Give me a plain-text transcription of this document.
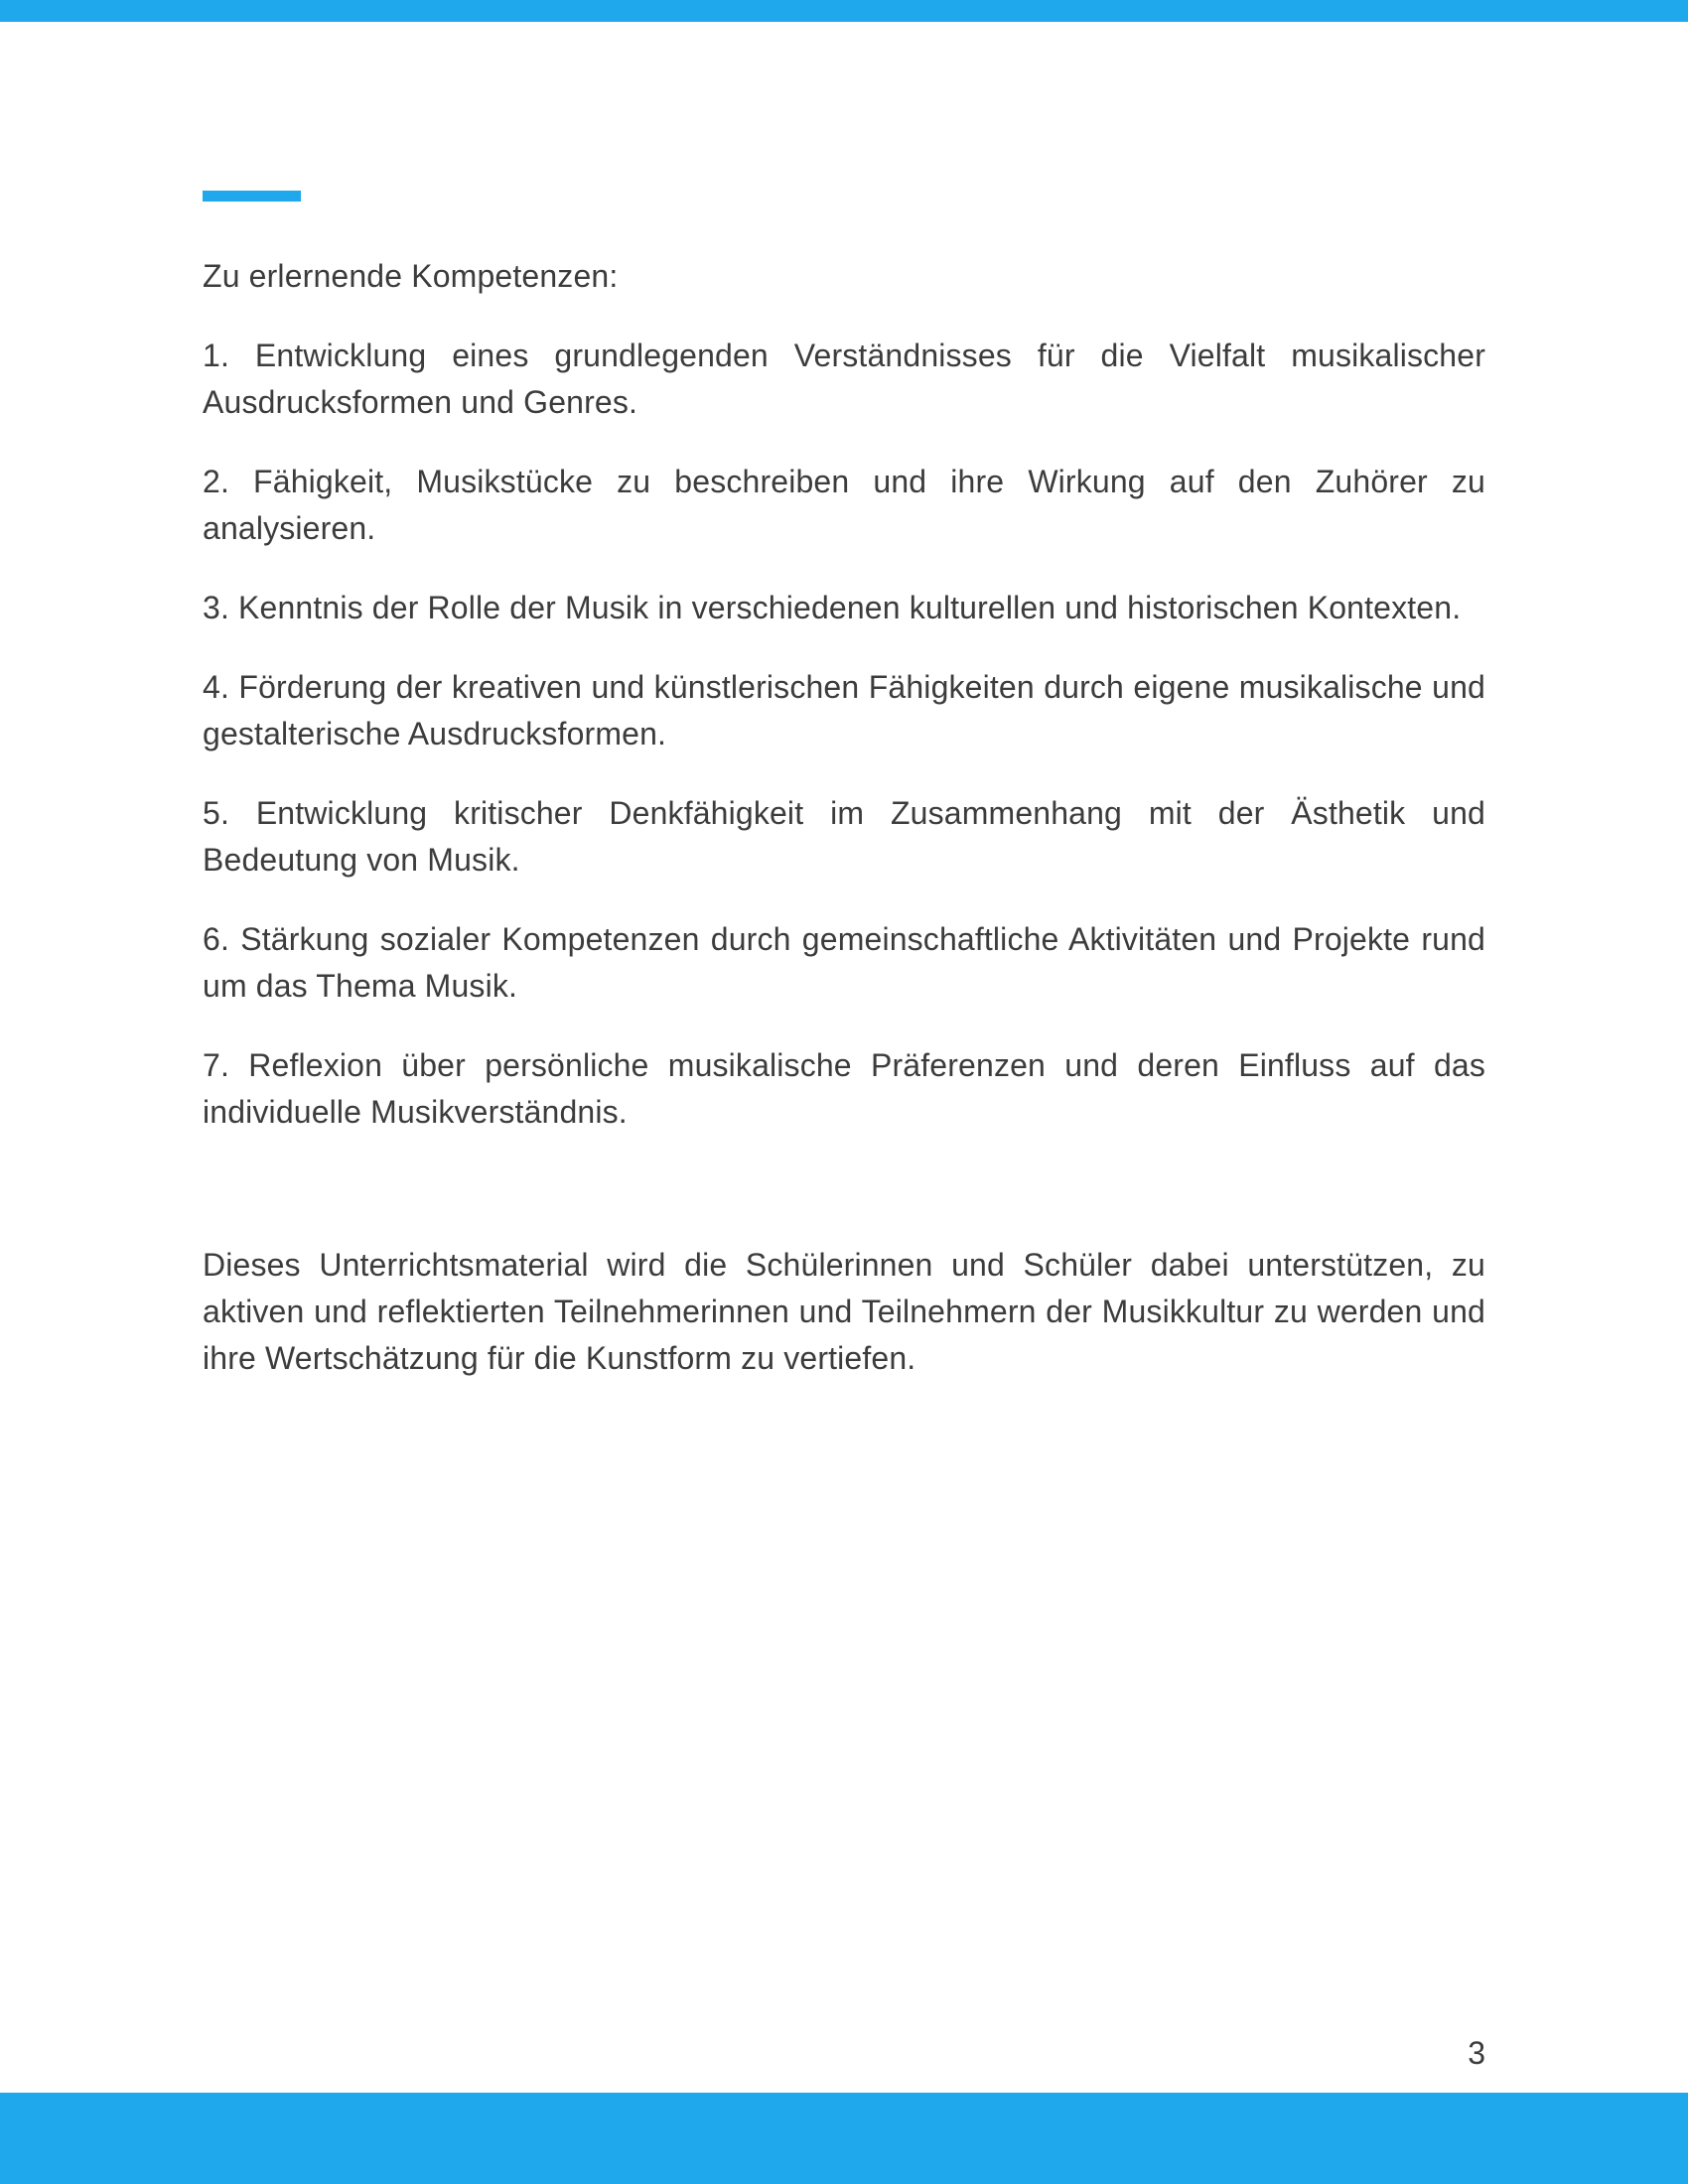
Zu erlernende Kompetenzen:

1. Entwicklung eines grundlegenden Verständnisses für die Vielfalt musikalischer Ausdrucksformen und Genres.

2. Fähigkeit, Musikstücke zu beschreiben und ihre Wirkung auf den Zuhörer zu analysieren.

3. Kenntnis der Rolle der Musik in verschiedenen kulturellen und historischen Kontexten.

4. Förderung der kreativen und künstlerischen Fähigkeiten durch eigene musikalische und gestalterische Ausdrucksformen.

5. Entwicklung kritischer Denkfähigkeit im Zusammenhang mit der Ästhetik und Bedeutung von Musik.

6. Stärkung sozialer Kompetenzen durch gemeinschaftliche Aktivitäten und Projekte rund um das Thema Musik.

7. Reflexion über persönliche musikalische Präferenzen und deren Einfluss auf das individuelle Musikverständnis.

Dieses Unterrichtsmaterial wird die Schülerinnen und Schüler dabei unterstützen, zu aktiven und reflektierten Teilnehmerinnen und Teilnehmern der Musikkultur zu werden und ihre Wertschätzung für die Kunstform zu vertiefen.

3
